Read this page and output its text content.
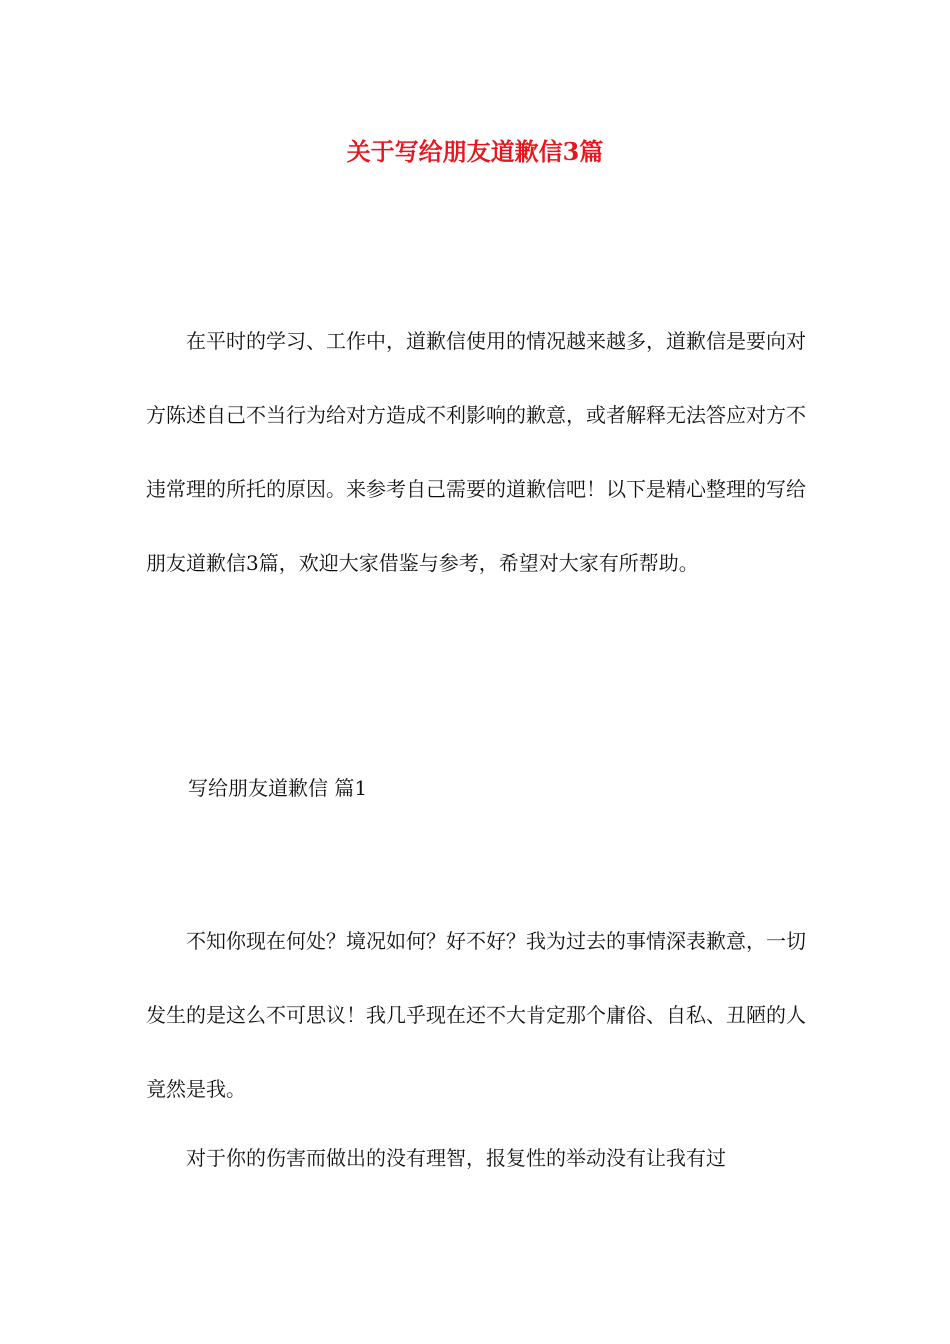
关于写给朋友道歉信3篇

在平时的学习、工作中，道歉信使用的情况越来越多，道歉信是要向对方陈述自己不当行为给对方造成不利影响的歉意，或者解释无法答应对方不违常理的所托的原因。来参考自己需要的道歉信吧！以下是精心整理的写给朋友道歉信3篇，欢迎大家借鉴与参考，希望对大家有所帮助。

写给朋友道歉信 篇1

不知你现在何处？境况如何？好不好？我为过去的事情深表歉意，一切发生的是这么不可思议！我几乎现在还不大肯定那个庸俗、自私、丑陋的人竟然是我。

对于你的伤害而做出的没有理智，报复性的举动没有让我有过
